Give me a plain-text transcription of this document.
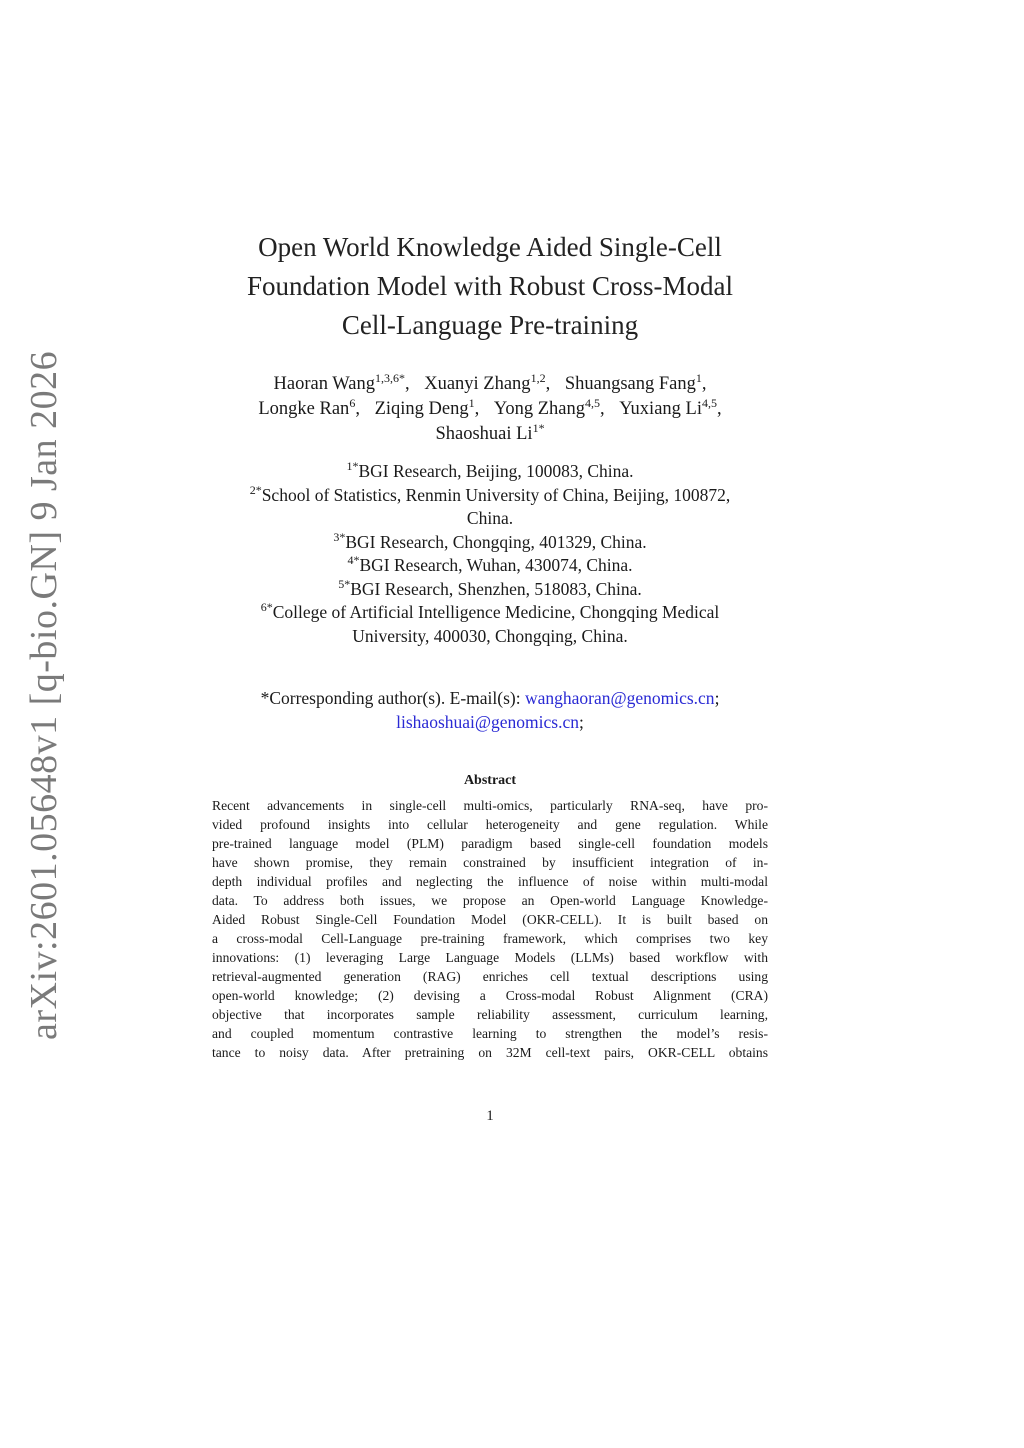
arXiv:2601.05648v1 [q-bio.GN] 9 Jan 2026
Open World Knowledge Aided Single-Cell
Foundation Model with Robust Cross-Modal
Cell-Language Pre-training
Haoran Wang$^{1,3,6*}$, Xuanyi Zhang$^{1,2}$, Shuangsang Fang$^1$,
Longke Ran$^6$, Ziqing Deng$^1$, Yong Zhang$^{4,5}$, Yuxiang Li$^{4,5}$,
Shaoshuai $Li^{1*}$
$^{1*}$BGI Research, Beijing, 100083, China.
$^{2*}$School of Statistics, Renmin University of China, Beijing, 100872,
China.
$^{3*}$BGI Research, Chongqing, 401329, China.
$^{4*}$BGI Research, Wuhan, 430074, China.
$^{5*}$BGI Research, Shenzhen, 518083, China.
$^{6*}$College of Artificial Intelligence Medicine, Chongqing Medical
University, 400030, Chongqing, China.
*Corresponding author(s). E-mail(s): wanghaoran@genomics.cn;
lishaoshuai@genomics.cn;
Abstract
Recent advancements in single-cell multi-omics, particularly RNA-seq, have pro-
vided profound insights into cellular heterogeneity and gene regulation. While
pre-trained language model (PLM) paradigm based single-cell foundation models
have shown promise, they remain constrained by insufficient integration of in-
depth individual profiles and neglecting the influence of noise within multi-modal
data. To address both issues, we propose an Open-world Language Knowledge-
Aided Robust Single-Cell Foundation Model (OKR-CELL). It is built based on
a cross-modal Cell-Language pre-training framework, which comprises two key
innovations: (1) leveraging Large Language Models (LLMs) based workflow with
retrieval-augmented generation (RAG) enriches cell textual descriptions using
open-world knowledge; (2) devising a Cross-modal Robust Alignment (CRA)
objective that incorporates sample reliability assessment, curriculum learning,
and coupled momentum contrastive learning to strengthen the model’s resis-
tance to noisy data. After pretraining on 32M cell-text pairs, OKR-CELL obtains
1
